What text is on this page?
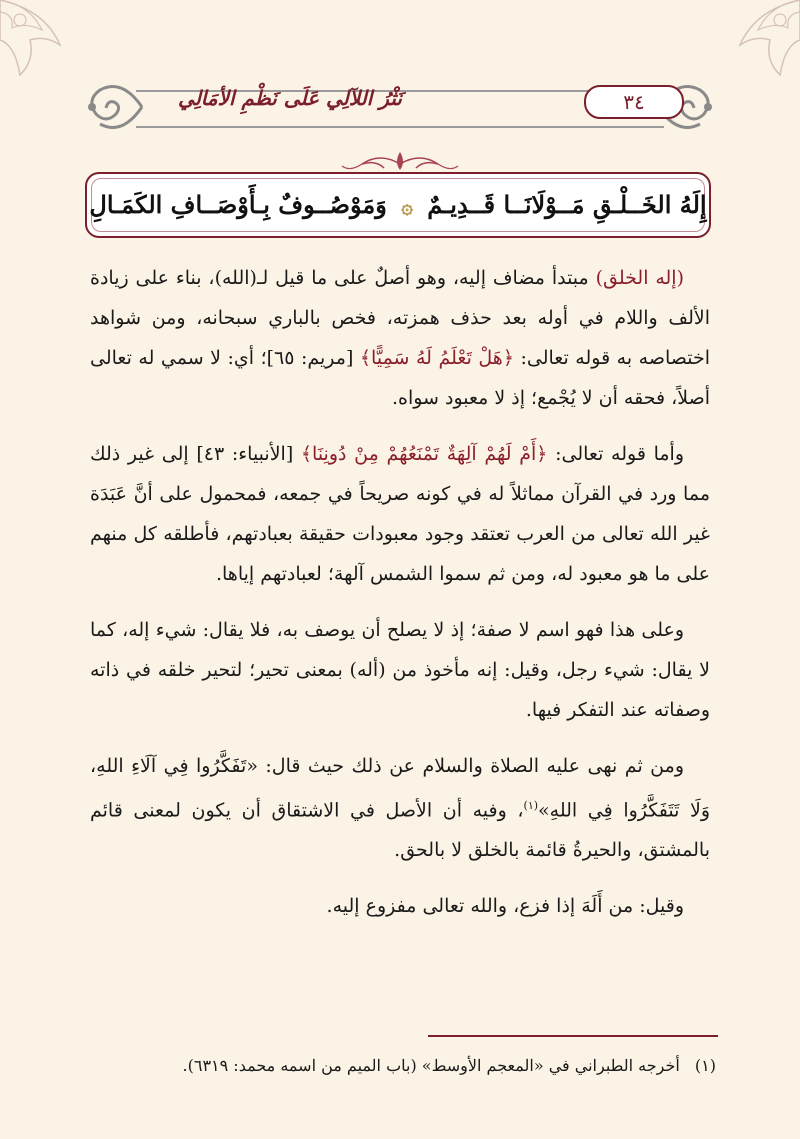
نَثْرُ اللآلِي عَلَى نَظْمِ الأمَالِي	٣٤
إِلَهُ الخَــلْـقِ مَــوْلَانَــا قَــدِيـمٌ ۞ وَمَوْصُــوفٌ بِـأَوْصَــافِ الكَمَـالِ

(إله الخلق) مبتدأ مضاف إليه، وهو أصلٌ على ما قيل لـ(الله)، بناء على زيادة الألف واللام في أوله بعد حذف همزته، فخص بالباري سبحانه، ومن شواهد اختصاصه به قوله تعالى: ﴿هَلْ تَعْلَمُ لَهُ سَمِيًّا﴾ [مريم: ٦٥]؛ أي: لا سمي له تعالى أصلاً، فحقه أن لا يُجْمع؛ إذ لا معبود سواه.

وأما قوله تعالى: ﴿أَمْ لَهُمْ آلِهَةٌ تَمْنَعُهُمْ مِنْ دُونِنَا﴾ [الأنبياء: ٤٣] إلى غير ذلك مما ورد في القرآن مماثلاً له في كونه صريحاً في جمعه، فمحمول على أنَّ عَبَدَة غير الله تعالى من العرب تعتقد وجود معبودات حقيقة بعبادتهم، فأطلقه كل منهم على ما هو معبود له، ومن ثم سموا الشمس آلهة؛ لعبادتهم إياها.

وعلى هذا فهو اسم لا صفة؛ إذ لا يصلح أن يوصف به، فلا يقال: شيء إله، كما لا يقال: شيء رجل، وقيل: إنه مأخوذ من (أله) بمعنى تحير؛ لتحير خلقه في ذاته وصفاته عند التفكر فيها.

ومن ثم نهى عليه الصلاة والسلام عن ذلك حيث قال: «تَفَكَّرُوا فِي آلَاءِ اللهِ، وَلَا تَتَفَكَّرُوا فِي اللهِ»$^{(١)}$، وفيه أن الأصل في الاشتقاق أن يكون لمعنى قائم بالمشتق، والحيرةُ قائمة بالخلق لا بالحق.

وقيل: من أَلَهَ إذا فزع، والله تعالى مفزوع إليه.

(١) أخرجه الطبراني في «المعجم الأوسط» (باب الميم من اسمه محمد: ٦٣١٩).
